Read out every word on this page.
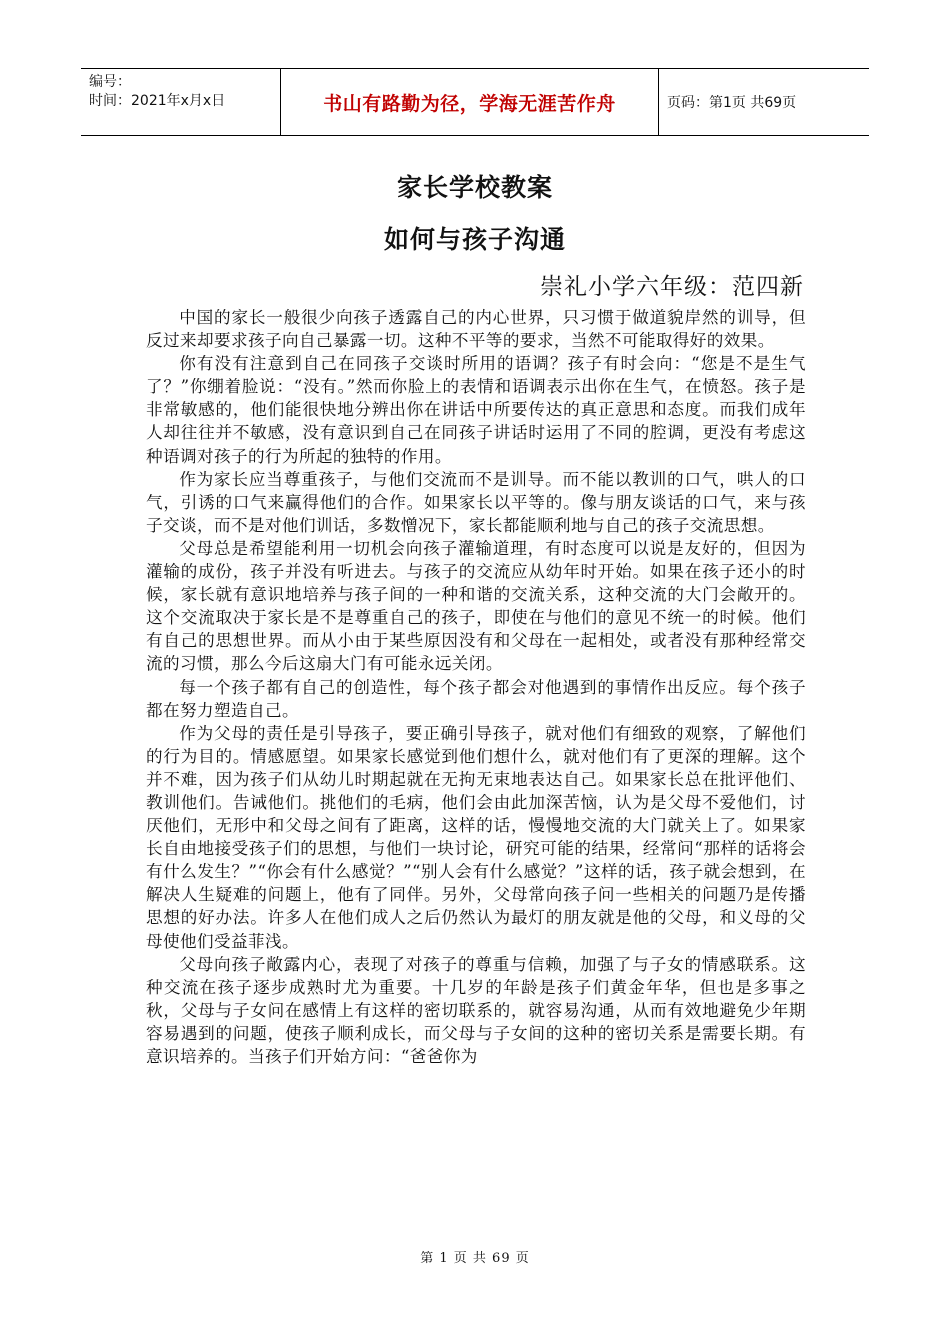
编号：
时间：2021年x月x日	书山有路勤为径，学海无涯苦作舟	页码：第1页 共69页
家长学校教案
如何与孩子沟通
崇礼小学六年级：范四新

中国的家长一般很少向孩子透露自己的内心世界，只习惯于做道貌岸然的训导，但反过来却要求孩子向自己暴露一切。这种不平等的要求，当然不可能取得好的效果。

你有没有注意到自己在同孩子交谈时所用的语调？孩子有时会向：“您是不是生气了？”你绷着脸说：“没有。”然而你脸上的表情和语调表示出你在生气，在愤怒。孩子是非常敏感的，他们能很快地分辨出你在讲话中所要传达的真正意思和态度。而我们成年人却往往并不敏感，没有意识到自己在同孩子讲话时运用了不同的腔调，更没有考虑这种语调对孩子的行为所起的独特的作用。

作为家长应当尊重孩子，与他们交流而不是训导。而不能以教训的口气，哄人的口气，引诱的口气来赢得他们的合作。如果家长以平等的。像与朋友谈话的口气，来与孩子交谈，而不是对他们训话，多数憎况下，家长都能顺利地与自己的孩子交流思想。

父母总是希望能利用一切机会向孩子灌输道理，有时态度可以说是友好的，但因为灌输的成份，孩子并没有听进去。与孩子的交流应从幼年时开始。如果在孩子还小的时候，家长就有意识地培养与孩子间的一种和谐的交流关系，这种交流的大门会敞开的。这个交流取决于家长是不是尊重自己的孩子，即使在与他们的意见不统一的时候。他们有自己的思想世界。而从小由于某些原因没有和父母在一起相处，或者没有那种经常交流的习惯，那么今后这扇大门有可能永远关闭。

每一个孩子都有自己的创造性，每个孩子都会对他遇到的事情作出反应。每个孩子都在努力塑造自己。

作为父母的责任是引导孩子，要正确引导孩子，就对他们有细致的观察，了解他们的行为目的。情感愿望。如果家长感觉到他们想什么，就对他们有了更深的理解。这个并不难，因为孩子们从幼儿时期起就在无拘无束地表达自己。如果家长总在批评他们、教训他们。告诫他们。挑他们的毛病，他们会由此加深苦恼，认为是父母不爱他们，讨厌他们，无形中和父母之间有了距离，这样的话，慢慢地交流的大门就关上了。如果家长自由地接受孩子们的思想，与他们一块讨论，研究可能的结果，经常问“那样的话将会有什么发生？”“你会有什么感觉？”“别人会有什么感觉？”这样的话，孩子就会想到，在解决人生疑难的问题上，他有了同伴。另外，父母常向孩子问一些相关的问题乃是传播思想的好办法。许多人在他们成人之后仍然认为最灯的朋友就是他的父母，和义母的父母使他们受益菲浅。

父母向孩子敞露内心，表现了对孩子的尊重与信赖，加强了与子女的情感联系。这种交流在孩子逐步成熟时尤为重要。十几岁的年龄是孩子们黄金年华，但也是多事之秋，父母与子女问在感情上有这样的密切联系的，就容易沟通，从而有效地避免少年期容易遇到的问题，使孩子顺利成长，而父母与子女间的这种的密切关系是需要长期。有意识培养的。当孩子们开始方问：“爸爸你为

第 1 页 共 69 页
